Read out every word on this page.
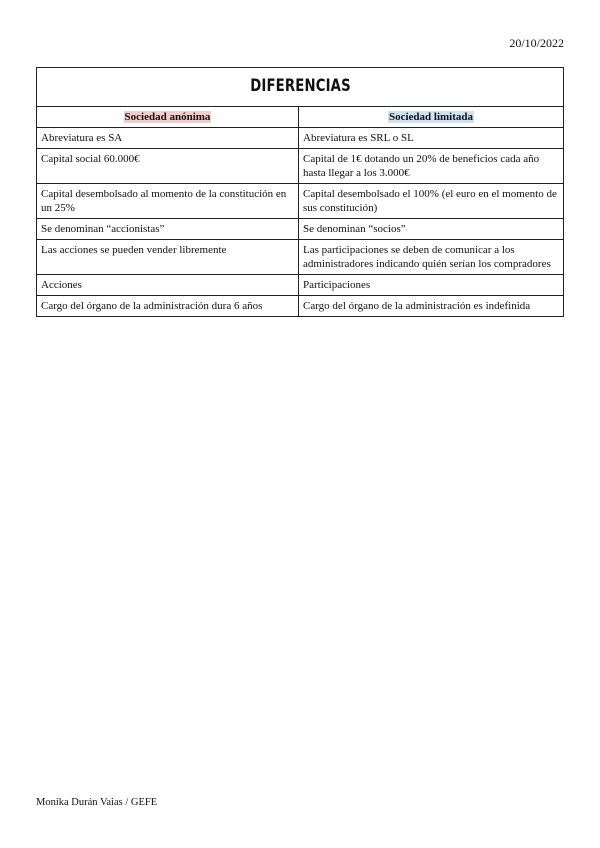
20/10/2022
DIFERENCIAS	
Sociedad anónima	Sociedad limitada
Abreviatura es SA	Abreviatura es SRL o SL
Capital social 60.000€	Capital de 1€ dotando un 20% de beneficios cada año hasta llegar a los 3.000€
Capital desembolsado al momento de la constitución en un 25%	Capital desembolsado el 100% (el euro en el momento de sus constitución)
Se denominan “accionistas”	Se denominan “socios”
Las acciones se pueden vender libremente	Las participaciones se deben de comunicar a los administradores indicando quién serían los compradores
Acciones	Participaciones
Cargo del órgano de la administración dura 6 años	Cargo del órgano de la administración es indefinida
Monika Durán Vaias / GEFE
